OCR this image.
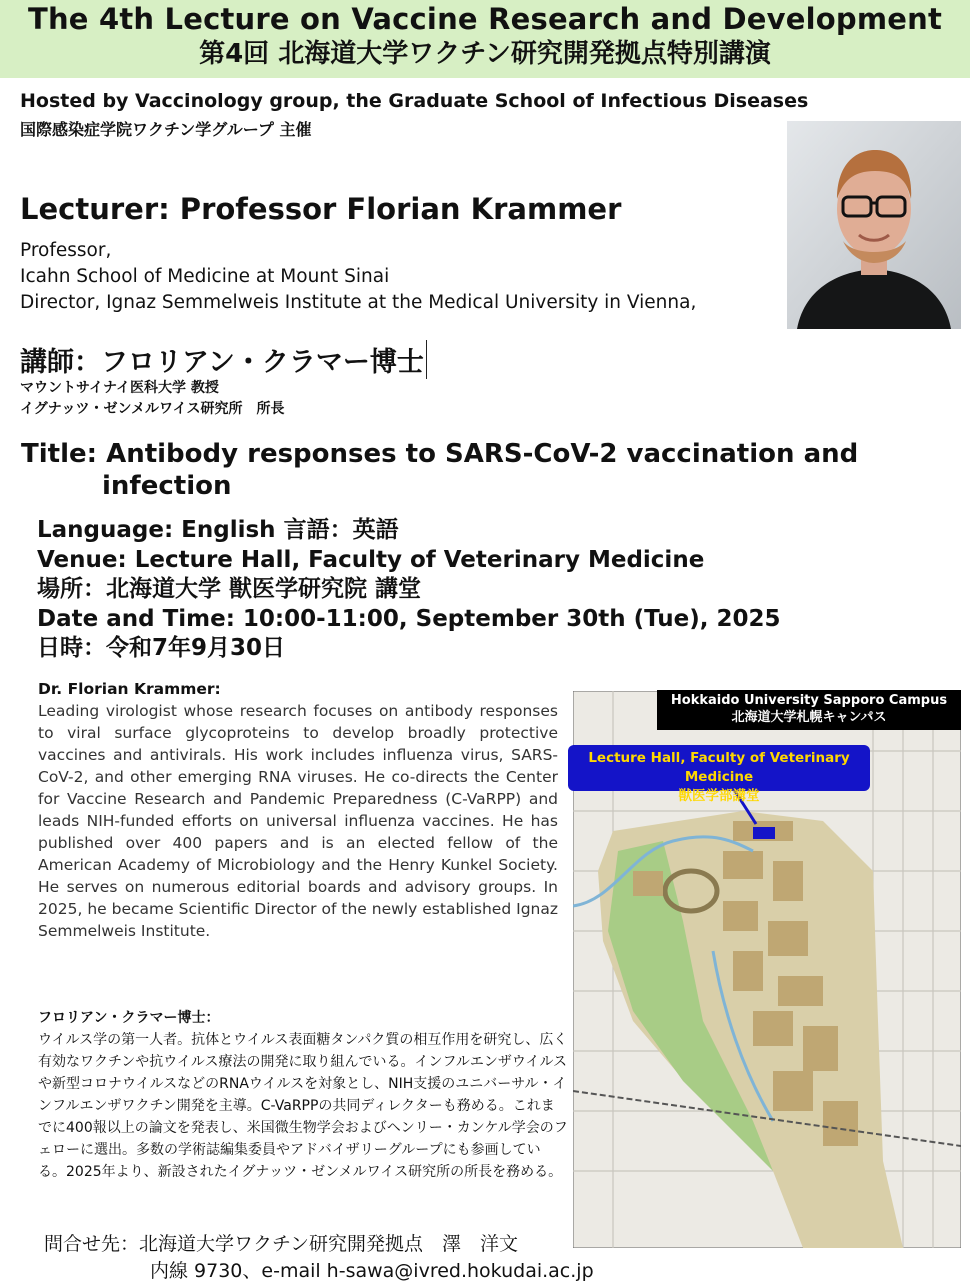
The 4th Lecture on Vaccine Research and Development
第4回 北海道大学ワクチン研究開発拠点特別講演
Hosted by Vaccinology group, the Graduate School of Infectious Diseases
国際感染症学院ワクチン学グループ 主催
Lecturer: Professor Florian Krammer
Professor,
Icahn School of Medicine at Mount Sinai
Director, Ignaz Semmelweis Institute at the Medical University in Vienna,
講師：フロリアン・クラマー博士
マウントサイナイ医科大学 教授
イグナッツ・ゼンメルワイス研究所　所長
Title: Antibody responses to SARS-CoV-2 vaccination and
infection
Language: English 言語：英語
Venue: Lecture Hall, Faculty of Veterinary Medicine
場所：北海道大学 獣医学研究院 講堂
Date and Time: 10:00-11:00, September 30th (Tue), 2025
日時：令和7年9月30日
Dr. Florian Krammer:
Leading virologist whose research focuses on antibody responses to viral surface glycoproteins to develop broadly protective vaccines and antivirals. His work includes influenza virus, SARS-CoV-2, and other emerging RNA viruses. He co-directs the Center for Vaccine Research and Pandemic Preparedness (C-VaRPP) and leads NIH-funded efforts on universal influenza vaccines. He has published over 400 papers and is an elected fellow of the American Academy of Microbiology and the Henry Kunkel Society. He serves on numerous editorial boards and advisory groups. In 2025, he became Scientific Director of the newly established Ignaz Semmelweis Institute.
フロリアン・クラマー博士：
ウイルス学の第一人者。抗体とウイルス表面糖タンパク質の相互作用を研究し、広く有効なワクチンや抗ウイルス療法の開発に取り組んでいる。インフルエンザウイルスや新型コロナウイルスなどのRNAウイルスを対象とし、NIH支援のユニバーサル・インフルエンザワクチン開発を主導。C-VaRPPの共同ディレクターも務める。これまでに400報以上の論文を発表し、米国微生物学会およびヘンリー・カンケル学会のフェローに選出。多数の学術誌編集委員やアドバイザリーグループにも参画している。2025年より、新設されたイグナッツ・ゼンメルワイス研究所の所長を務める。
Hokkaido University Sapporo Campus
北海道大学札幌キャンパス
Lecture Hall, Faculty of Veterinary Medicine
獣医学部講堂
問合せ先：北海道大学ワクチン研究開発拠点　澤　洋文
内線 9730、e-mail h-sawa@ivred.hokudai.ac.jp
